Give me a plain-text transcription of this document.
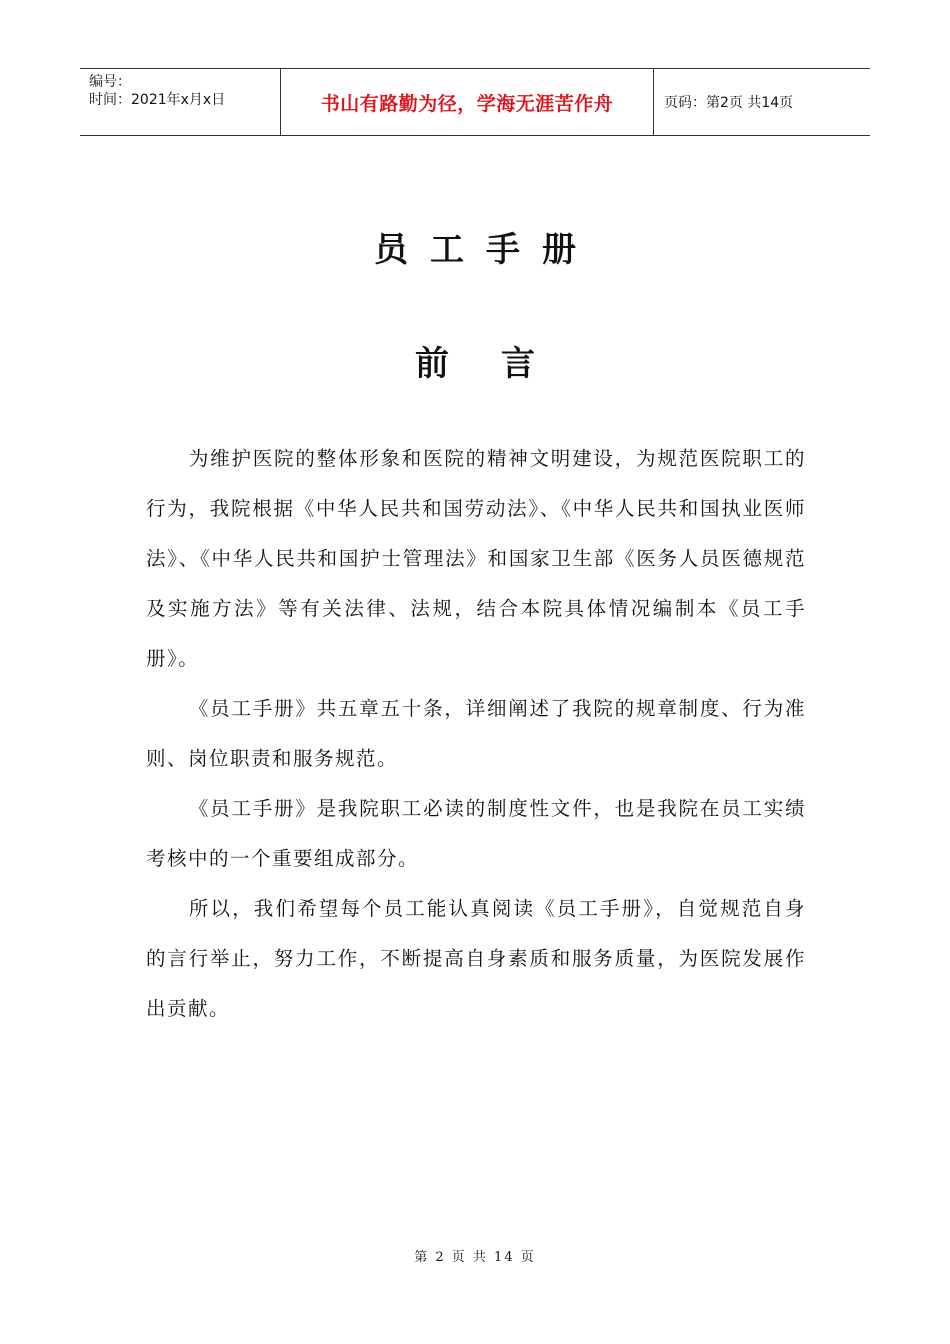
编号：
时间：2021年x月x日	书山有路勤为径，学海无涯苦作舟	页码：第2页 共14页
员工手册
前言

为维护医院的整体形象和医院的精神文明建设，为规范医院职工的行为，我院根据《中华人民共和国劳动法》、《中华人民共和国执业医师法》、《中华人民共和国护士管理法》和国家卫生部《医务人员医德规范及实施方法》等有关法律、法规，结合本院具体情况编制本《员工手册》。

《员工手册》共五章五十条，详细阐述了我院的规章制度、行为准则、岗位职责和服务规范。

《员工手册》是我院职工必读的制度性文件，也是我院在员工实绩考核中的一个重要组成部分。

所以，我们希望每个员工能认真阅读《员工手册》，自觉规范自身的言行举止，努力工作，不断提高自身素质和服务质量，为医院发展作出贡献。

第 2 页 共 14 页
